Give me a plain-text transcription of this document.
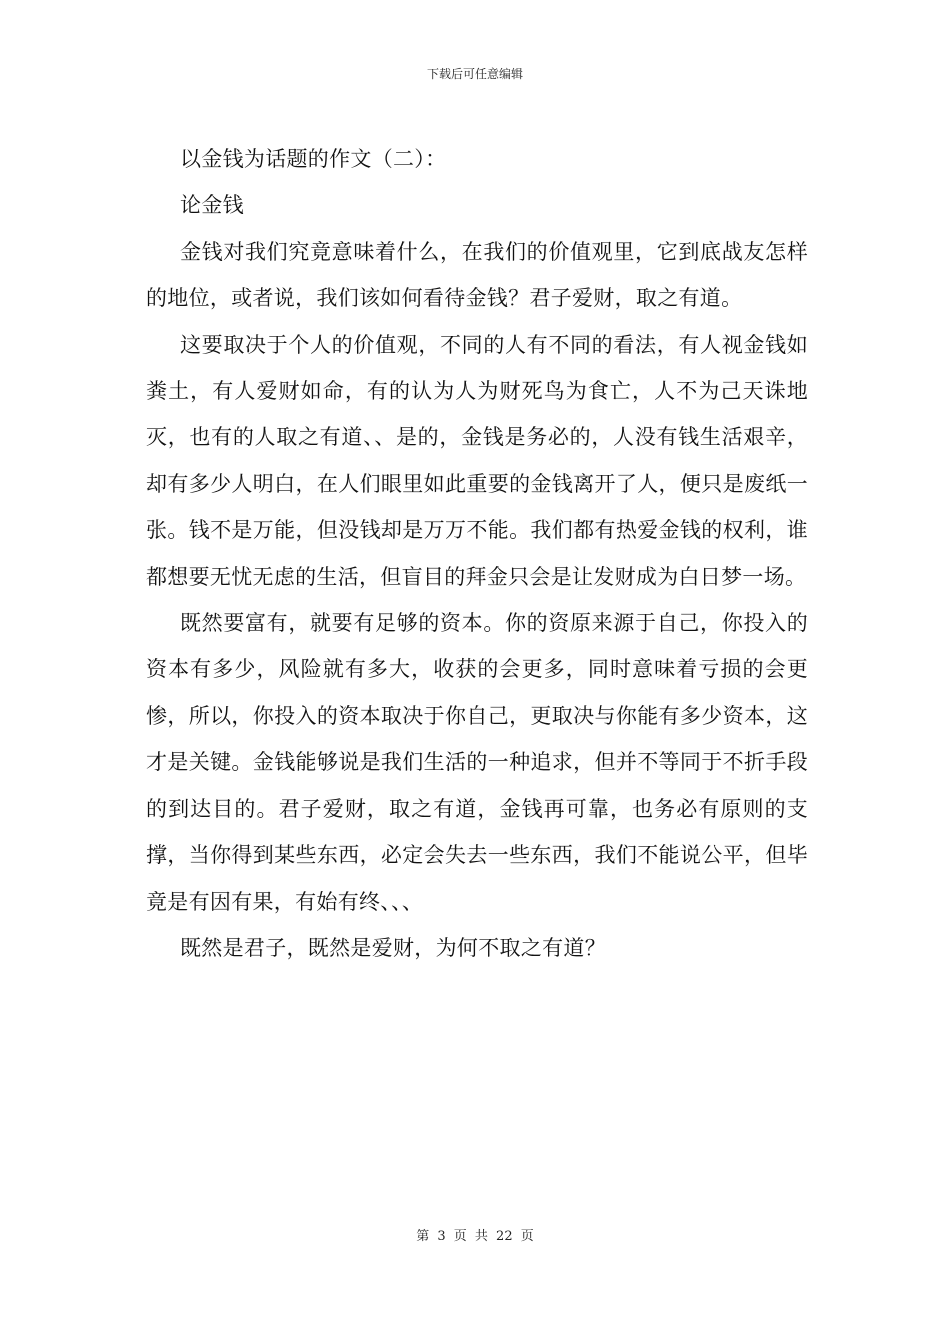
下载后可任意编辑

以金钱为话题的作文（二）：

论金钱

金钱对我们究竟意味着什么，在我们的价值观里，它到底战友怎样的地位，或者说，我们该如何看待金钱？君子爱财，取之有道。

这要取决于个人的价值观，不同的人有不同的看法，有人视金钱如粪土，有人爱财如命，有的认为人为财死鸟为食亡，人不为己天诛地灭，也有的人取之有道、、是的，金钱是务必的，人没有钱生活艰辛，却有多少人明白，在人们眼里如此重要的金钱离开了人，便只是废纸一张。钱不是万能，但没钱却是万万不能。我们都有热爱金钱的权利，谁都想要无忧无虑的生活，但盲目的拜金只会是让发财成为白日梦一场。

既然要富有，就要有足够的资本。你的资原来源于自己，你投入的资本有多少，风险就有多大，收获的会更多，同时意味着亏损的会更惨，所以，你投入的资本取决于你自己，更取决与你能有多少资本，这才是关键。金钱能够说是我们生活的一种追求，但并不等同于不折手段的到达目的。君子爱财，取之有道，金钱再可靠，也务必有原则的支撑，当你得到某些东西，必定会失去一些东西，我们不能说公平，但毕竟是有因有果，有始有终、、、

既然是君子，既然是爱财，为何不取之有道？

第 3 页 共 22 页
